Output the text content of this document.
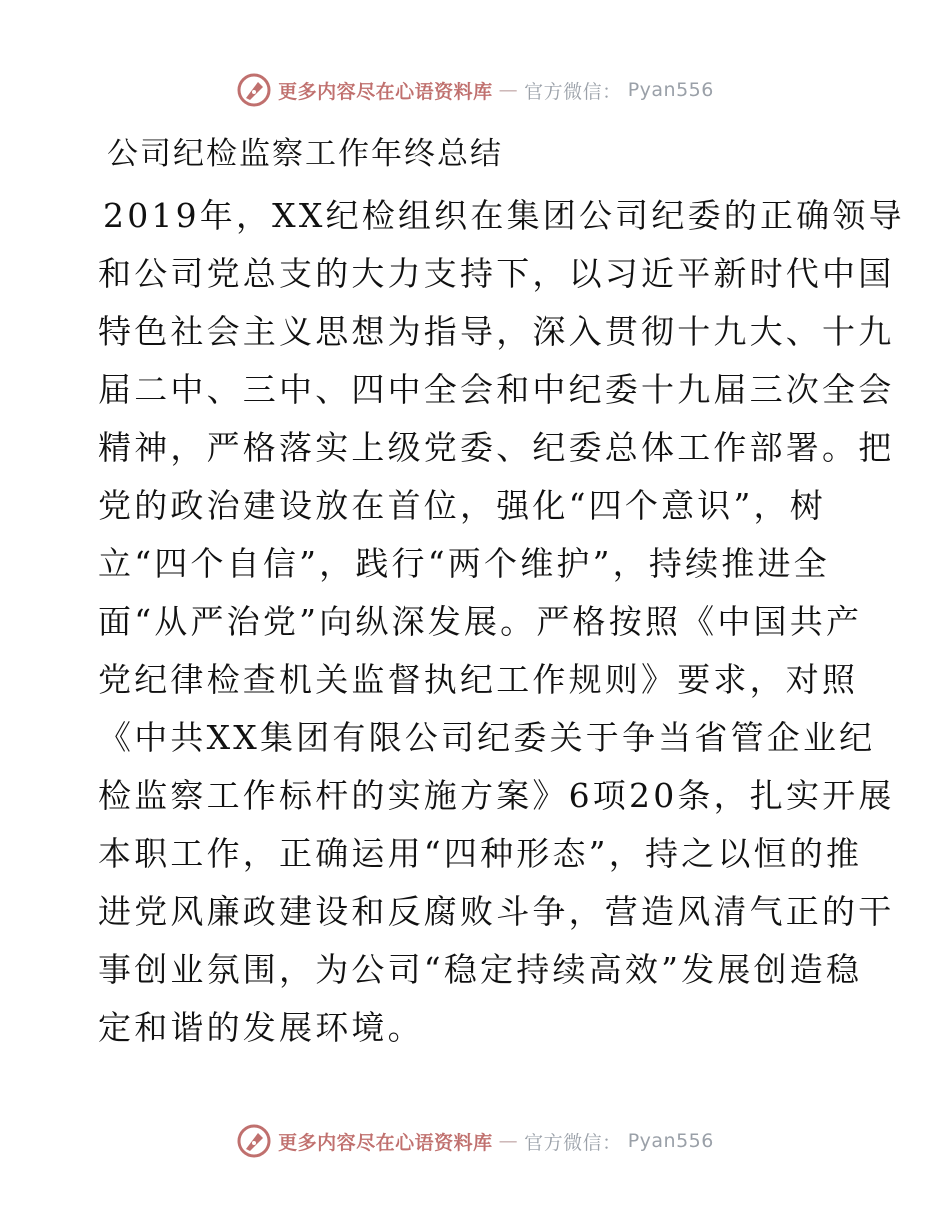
更多内容尽在心语资料库 — 官方微信： Pyan556
公司纪检监察工作年终总结
2019年，XX纪检组织在集团公司纪委的正确领导
和公司党总支的大力支持下，以习近平新时代中国
特色社会主义思想为指导，深入贯彻十九大、十九
届二中、三中、四中全会和中纪委十九届三次全会
精神，严格落实上级党委、纪委总体工作部署。把
党的政治建设放在首位，强化“四个意识”，树
立“四个自信”，践行“两个维护”，持续推进全
面“从严治党”向纵深发展。严格按照《中国共产
党纪律检查机关监督执纪工作规则》要求，对照
《中共XX集团有限公司纪委关于争当省管企业纪
检监察工作标杆的实施方案》6项20条，扎实开展
本职工作，正确运用“四种形态”，持之以恒的推
进党风廉政建设和反腐败斗争，营造风清气正的干
事创业氛围，为公司“稳定持续高效”发展创造稳
定和谐的发展环境。
更多内容尽在心语资料库 — 官方微信： Pyan556
